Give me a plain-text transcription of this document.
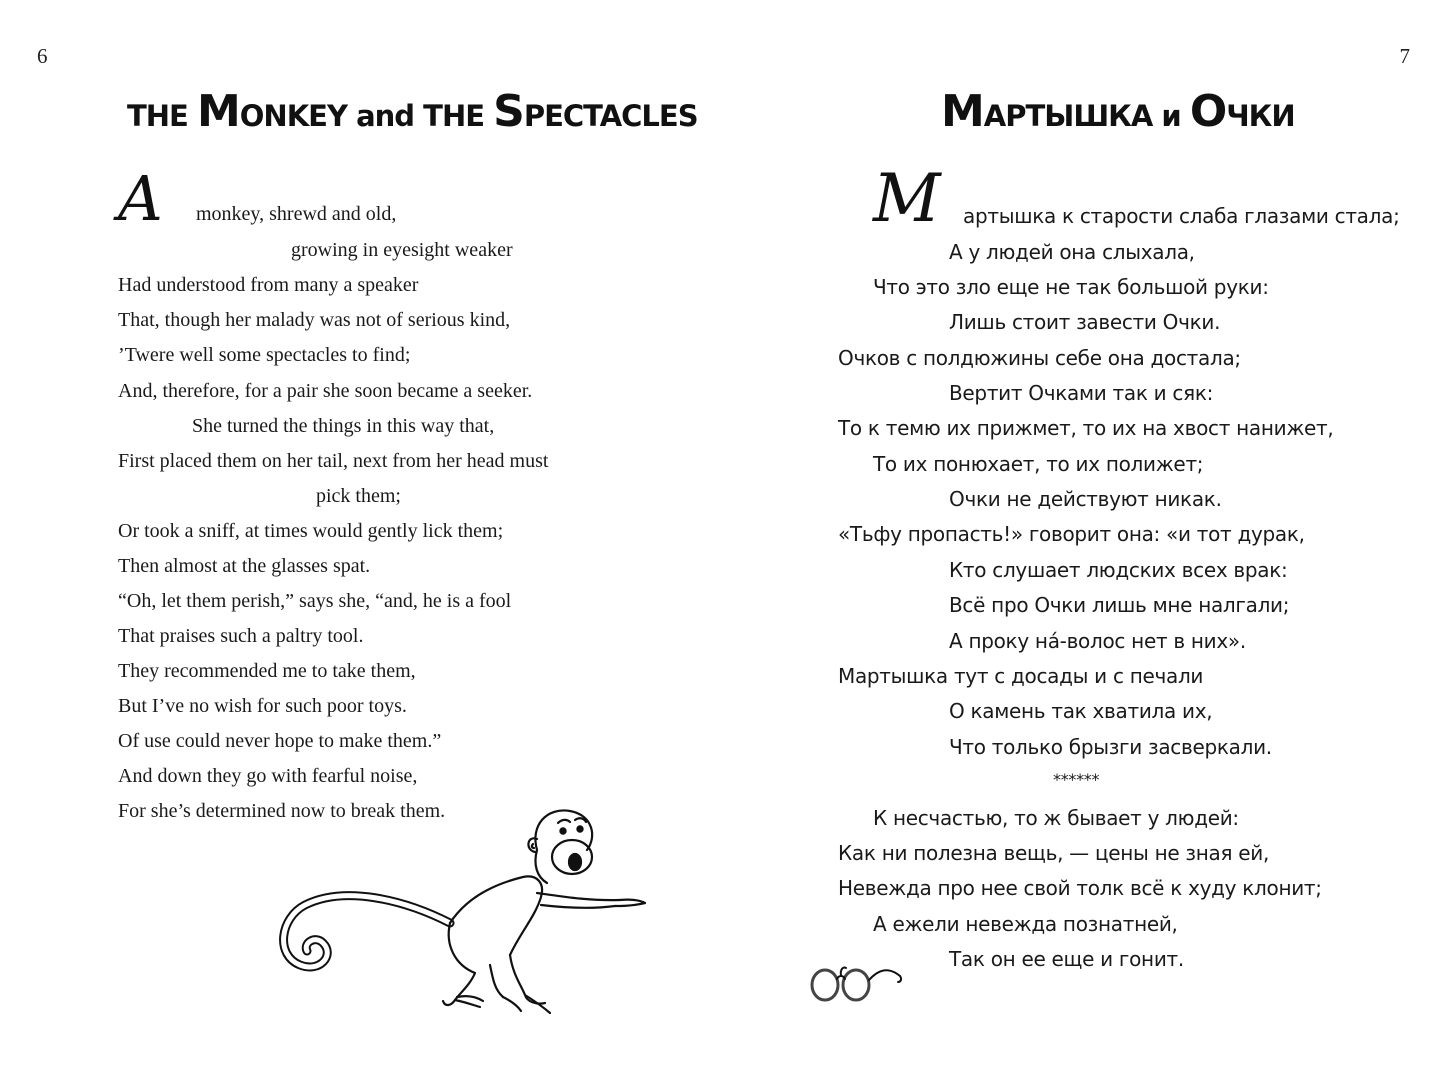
6
THE MONKEY and THE SPECTACLES
A monkey, shrewd and old,

growing in eyesight weaker

Had understood from many a speaker

That, though her malady was not of serious kind,

’Twere well some spectacles to find;

And, therefore, for a pair she soon became a seeker.

She turned the things in this way that,

First placed them on her tail, next from her head must

pick them;

Or took a sniff, at times would gently lick them;

Then almost at the glasses spat.

“Oh, let them perish,” says she, “and, he is a fool

That praises such a paltry tool.

They recommended me to take them,

But I’ve no wish for such poor toys.

Of use could never hope to make them.”

And down they go with fearful noise,

For she’s determined now to break them.

7
МАРТЫШКА и ОЧКИ
М артышка к старости слаба глазами стала;

А у людей она слыхала,

Что это зло еще не так большой руки:

Лишь стоит завести Очки.

Очков с полдюжины себе она достала;

Вертит Очками так и сяк:

То к темю их прижмет, то их на хвост нанижет,

То их понюхает, то их полижет;

Очки не действуют никак.

«Тьфу пропасть!» говорит она: «и тот дурак,

Кто слушает людских всех врак:

Всё про Очки лишь мне налгали;

А проку на́-волос нет в них».

Мартышка тут с досады и с печали

О камень так хватила их,

Что только брызги засверкали.

******

К несчастью, то ж бывает у людей:

Как ни полезна вещь, — цены не зная ей,

Невежда про нее свой толк всё к худу клонит;

А ежели невежда познатней,

Так он ее еще и гонит.
